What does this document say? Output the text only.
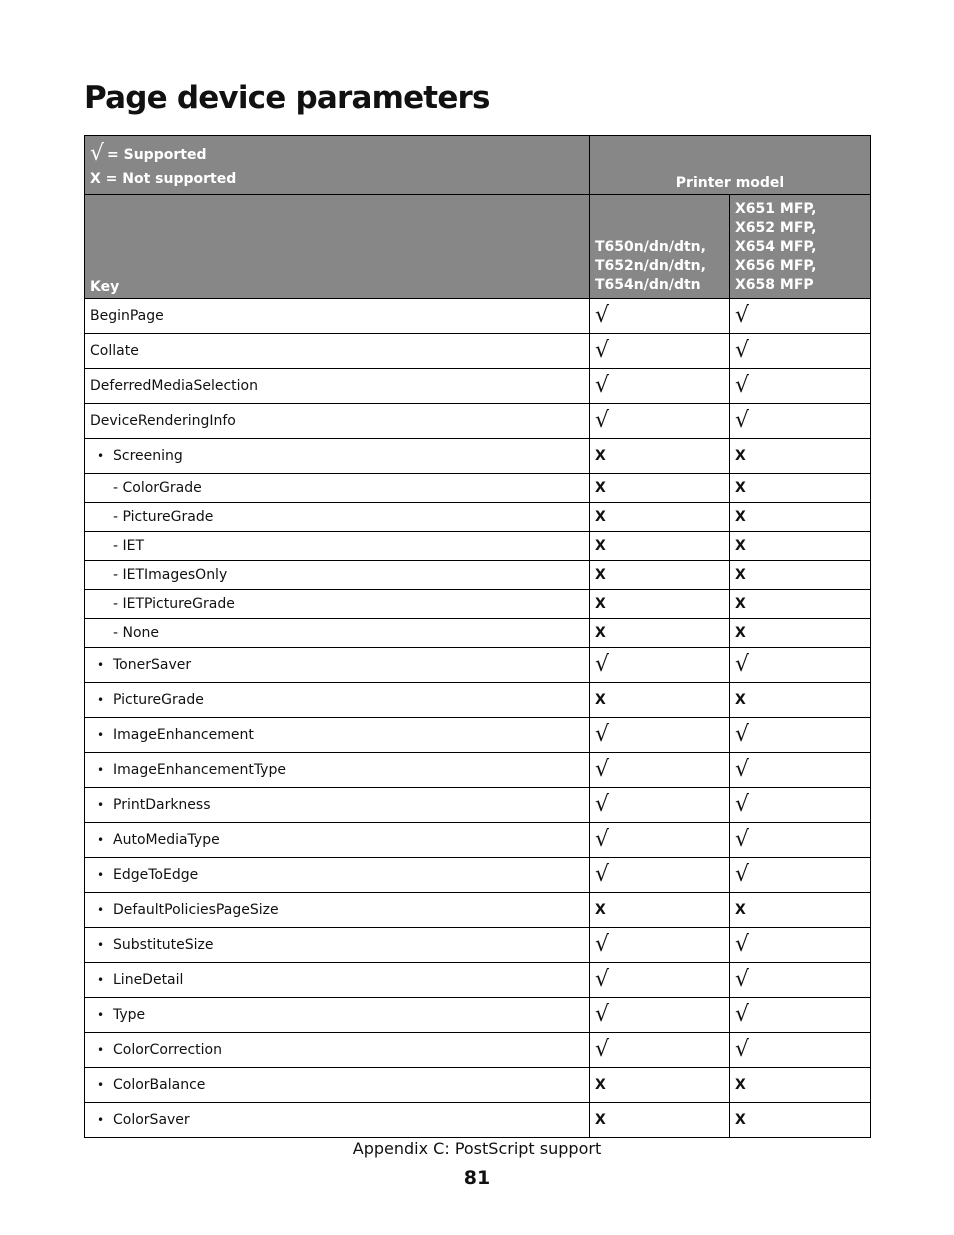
Page device parameters
√ = Supported
X = Not supported	Printer model	
Key	T650n/dn/dtn,
T652n/dn/dtn,
T654n/dn/dtn	X651 MFP,
X652 MFP,
X654 MFP,
X656 MFP,
X658 MFP

BeginPage	√	√
Collate	√	√
DeferredMediaSelection	√	√
DeviceRenderingInfo	√	√
• Screening	X	X
- ColorGrade	X	X
- PictureGrade	X	X
- IET	X	X
- IETImagesOnly	X	X
- IETPictureGrade	X	X
- None	X	X
• TonerSaver	√	√
• PictureGrade	X	X
• ImageEnhancement	√	√
• ImageEnhancementType	√	√
• PrintDarkness	√	√
• AutoMediaType	√	√
• EdgeToEdge	√	√
• DefaultPoliciesPageSize	X	X
• SubstituteSize	√	√
• LineDetail	√	√
• Type	√	√
• ColorCorrection	√	√
• ColorBalance	X	X
• ColorSaver	X	X
Appendix C: PostScript support
81
